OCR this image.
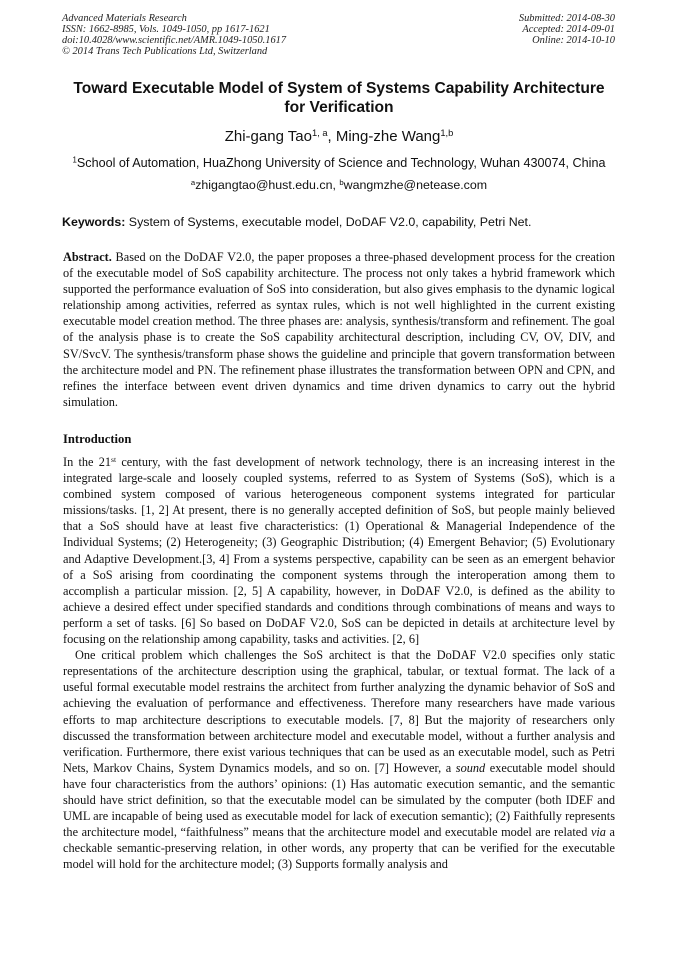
Advanced Materials Research
ISSN: 1662-8985, Vols. 1049-1050, pp 1617-1621
doi:10.4028/www.scientific.net/AMR.1049-1050.1617
© 2014 Trans Tech Publications Ltd, Switzerland
Submitted: 2014-08-30
Accepted: 2014-09-01
Online: 2014-10-10
Toward Executable Model of System of Systems Capability Architecture
for Verification
Zhi-gang Tao$^{1, a}$, Ming-zhe Wang$^{1,b}$
$^1$School of Automation, HuaZhong University of Science and Technology, Wuhan 430074, China
$^a$zhigangtao@hust.edu.cn, $^b$wangmzhe@netease.com
Keywords: System of Systems, executable model, DoDAF V2.0, capability, Petri Net.

Abstract. Based on the DoDAF V2.0, the paper proposes a three-phased development process for the creation of the executable model of SoS capability architecture. The process not only takes a hybrid framework which supported the performance evaluation of SoS into consideration, but also gives emphasis to the dynamic logical relationship among activities, referred as syntax rules, which is not well highlighted in the current existing executable model creation method. The three phases are: analysis, synthesis/transform and refinement. The goal of the analysis phase is to create the SoS capability architectural description, including CV, OV, DIV, and SV/SvcV. The synthesis/transform phase shows the guideline and principle that govern transformation between the architecture model and PN. The refinement phase illustrates the transformation between OPN and CPN, and refines the interface between event driven dynamics and time driven dynamics to carry out the hybrid simulation.

Introduction

In the 21st century, with the fast development of network technology, there is an increasing interest in the integrated large-scale and loosely coupled systems, referred to as System of Systems (SoS), which is a combined system composed of various heterogeneous component systems integrated for particular missions/tasks. [1, 2] At present, there is no generally accepted definition of SoS, but people mainly believed that a SoS should have at least five characteristics: (1) Operational & Managerial Independence of the Individual Systems; (2) Heterogeneity; (3) Geographic Distribution; (4) Emergent Behavior; (5) Evolutionary and Adaptive Development.[3, 4] From a systems perspective, capability can be seen as an emergent behavior of a SoS arising from coordinating the component systems through the interoperation among them to accomplish a particular mission. [2, 5] A capability, however, in DoDAF V2.0, is defined as the ability to achieve a desired effect under specified standards and conditions through combinations of means and ways to perform a set of tasks. [6] So based on DoDAF V2.0, SoS can be depicted in details at architecture level by focusing on the relationship among capability, tasks and activities. [2, 6]

One critical problem which challenges the SoS architect is that the DoDAF V2.0 specifies only static representations of the architecture description using the graphical, tabular, or textual format. The lack of a useful formal executable model restrains the architect from further analyzing the dynamic behavior of SoS and achieving the evaluation of performance and effectiveness. Therefore many researchers have made various efforts to map architecture descriptions to executable models. [7, 8] But the majority of researchers only discussed the transformation between architecture model and executable model, without a further analysis and verification. Furthermore, there exist various techniques that can be used as an executable model, such as Petri Nets, Markov Chains, System Dynamics models, and so on. [7] However, a sound executable model should have four characteristics from the authors’ opinions: (1) Has automatic execution semantic, and the semantic should have strict definition, so that the executable model can be simulated by the computer (both IDEF and UML are incapable of being used as executable model for lack of execution semantic); (2) Faithfully represents the architecture model, “faithfulness” means that the architecture model and executable model are related via a checkable semantic-preserving relation, in other words, any property that can be verified for the executable model will hold for the architecture model; (3) Supports formally analysis and
